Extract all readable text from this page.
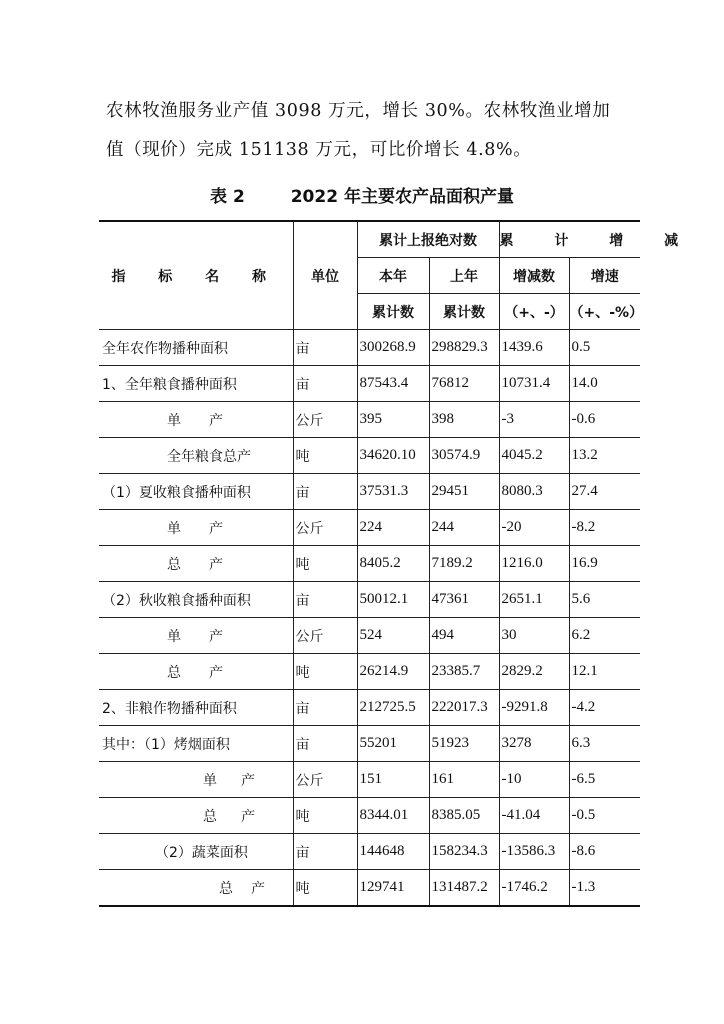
农林牧渔服务业产值 3098 万元，增长 30%。农林牧渔业增加
值（现价）完成 151138 万元，可比价增长 4.8%。
表 2	2022 年主要农产品面积产量
指 标 名 称	单位	累计上报绝对数		累 计 增 减	
		本年	上年	增减数	增速
		累计数	累计数	（+、-）	（+、-%）
全年农作物播种面积	亩	300268.9	298829.3	1439.6	0.5
1、全年粮食播种面积	亩	87543.4	76812	10731.4	14.0
单产	公斤	395	398	-3	-0.6
全年粮食总产	吨	34620.10	30574.9	4045.2	13.2
（1）夏收粮食播种面积	亩	37531.3	29451	8080.3	27.4
单产	公斤	224	244	-20	-8.2
总产	吨	8405.2	7189.2	1216.0	16.9
（2）秋收粮食播种面积	亩	50012.1	47361	2651.1	5.6
单产	公斤	524	494	30	6.2
总产	吨	26214.9	23385.7	2829.2	12.1
2、非粮作物播种面积	亩	212725.5	222017.3	-9291.8	-4.2
其中：（1）烤烟面积	亩	55201	51923	3278	6.3
单产	公斤	151	161	-10	-6.5
总产	吨	8344.01	8385.05	-41.04	-0.5
（2）蔬菜面积	亩	144648	158234.3	-13586.3	-8.6
总产	吨	129741	131487.2	-1746.2	-1.3
